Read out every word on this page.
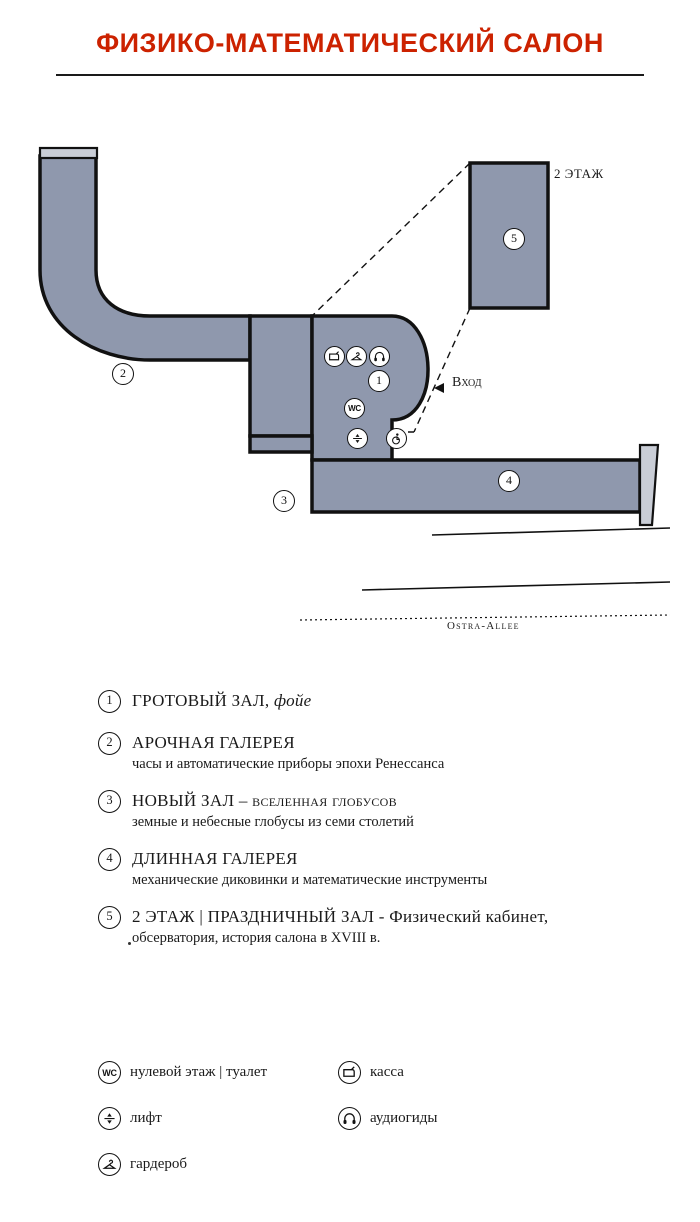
ФИЗИКО-МАТЕМАТИЧЕСКИЙ САЛОН
2 ЭТАЖ
Вход
Ostra-Allee
1
2
3
4
5
WC
1	ГРОТОВЫЙ ЗАЛ, фойе
2	АРОЧНАЯ ГАЛЕРЕЯ
часы и автоматические приборы эпохи Ренессанса
3	НОВЫЙ ЗАЛ – вселенная глобусов
земные и небесные глобусы из семи столетий
4	ДЛИННАЯ ГАЛЕРЕЯ
механические диковинки и математические инструменты
5	2 ЭТАЖ | ПРАЗДНИЧНЫЙ ЗАЛ - Физический кабинет,
обсерватория, история салона в XVIII в.
WC нулевой этаж | туалет
лифт
гардероб
касса
аудиогиды
